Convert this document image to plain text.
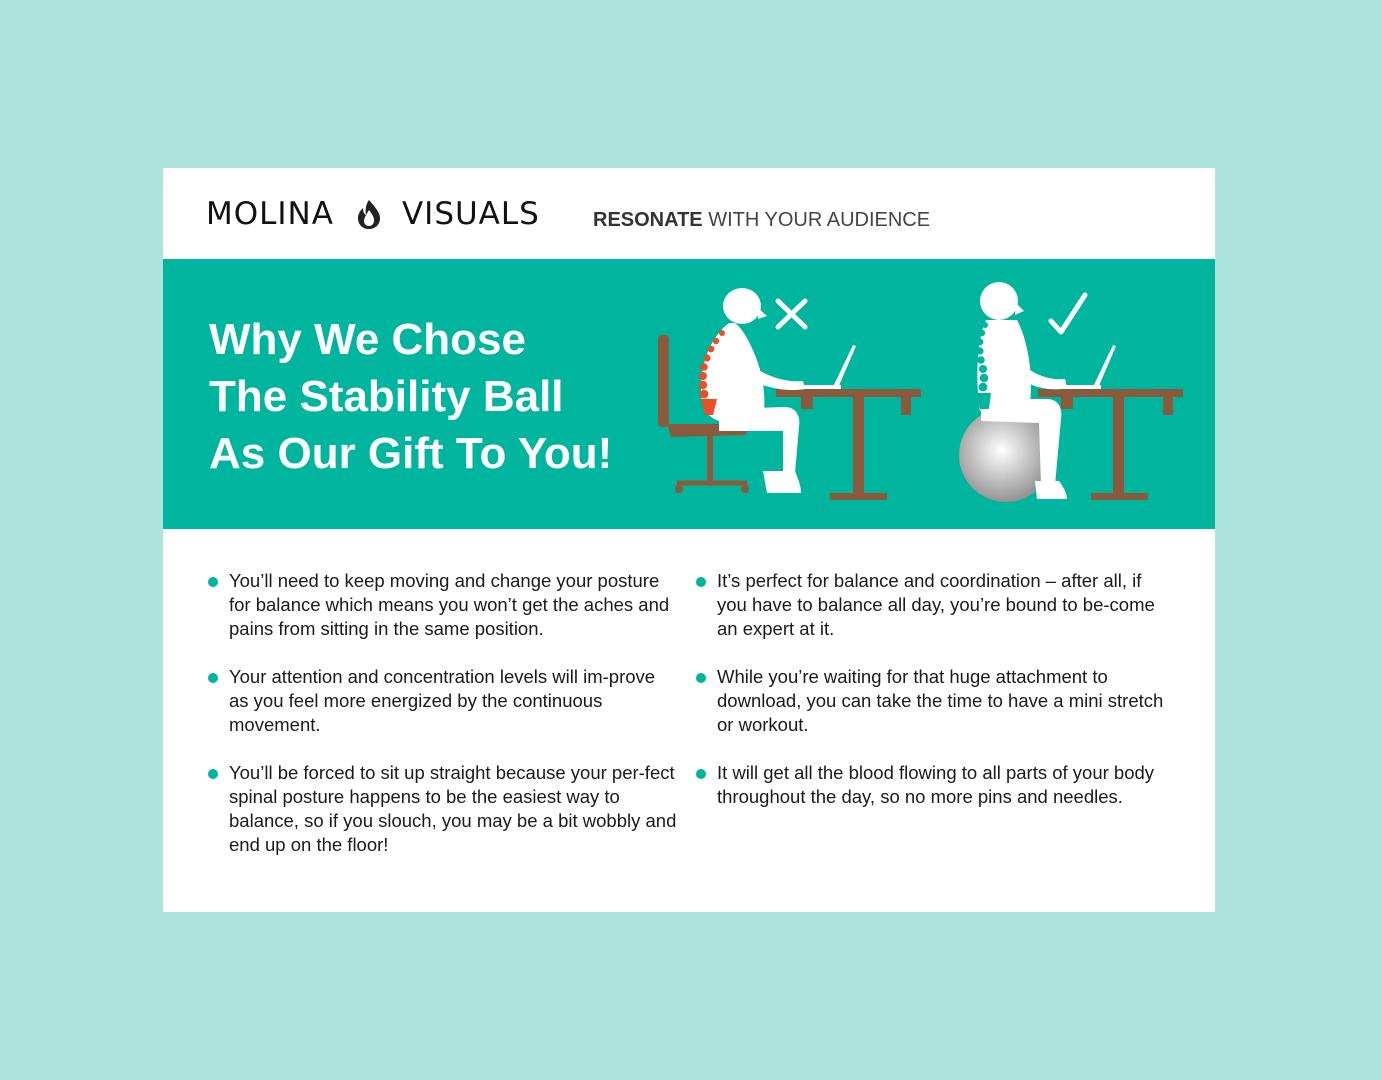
MOLINA VISUALS	RESONATE WITH YOUR AUDIENCE
Why We Chose
The Stability Ball
As Our Gift To You!
You’ll need to keep moving and change your posture for balance which means you won’t get the aches and pains from sitting in the same position.
Your attention and concentration levels will im-prove as you feel more energized by the continuous movement.
You’ll be forced to sit up straight because your per-fect spinal posture happens to be the easiest way to balance, so if you slouch, you may be a bit wobbly and end up on the floor!
It’s perfect for balance and coordination – after all, if you have to balance all day, you’re bound to be-come an expert at it.
While you’re waiting for that huge attachment to download, you can take the time to have a mini stretch or workout.
It will get all the blood flowing to all parts of your body throughout the day, so no more pins and needles.
